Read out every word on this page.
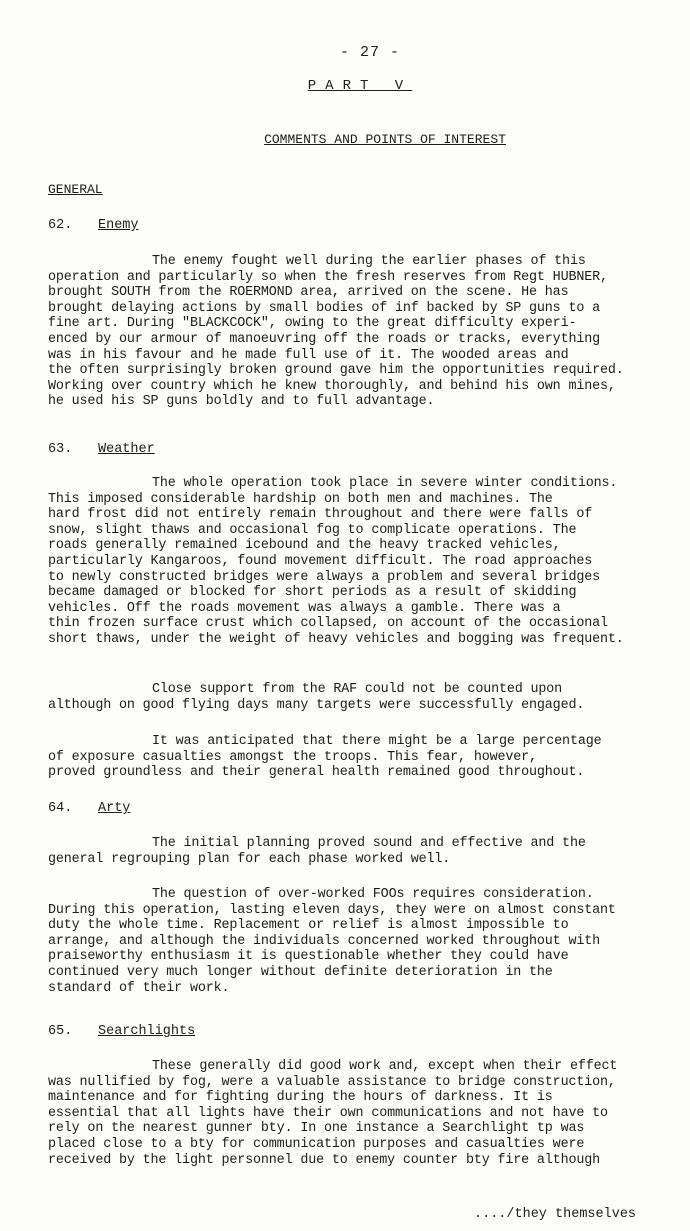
- 27 -
PART V
COMMENTS AND POINTS OF INTEREST
GENERAL
62. Enemy
The enemy fought well during the earlier phases of this
operation and particularly so when the fresh reserves from Regt HUBNER,
brought SOUTH from the ROERMOND area, arrived on the scene. He has
brought delaying actions by small bodies of inf backed by SP guns to a
fine art. During "BLACKCOCK", owing to the great difficulty experi-
enced by our armour of manoeuvring off the roads or tracks, everything
was in his favour and he made full use of it. The wooded areas and
the often surprisingly broken ground gave him the opportunities required.
Working over country which he knew thoroughly, and behind his own mines,
he used his SP guns boldly and to full advantage.
63. Weather
The whole operation took place in severe winter conditions.
This imposed considerable hardship on both men and machines. The
hard frost did not entirely remain throughout and there were falls of
snow, slight thaws and occasional fog to complicate operations. The
roads generally remained icebound and the heavy tracked vehicles,
particularly Kangaroos, found movement difficult. The road approaches
to newly constructed bridges were always a problem and several bridges
became damaged or blocked for short periods as a result of skidding
vehicles. Off the roads movement was always a gamble. There was a
thin frozen surface crust which collapsed, on account of the occasional
short thaws, under the weight of heavy vehicles and bogging was frequent.
Close support from the RAF could not be counted upon
although on good flying days many targets were successfully engaged.
It was anticipated that there might be a large percentage
of exposure casualties amongst the troops. This fear, however,
proved groundless and their general health remained good throughout.
64. Arty
The initial planning proved sound and effective and the
general regrouping plan for each phase worked well.
The question of over-worked FOOs requires consideration.
During this operation, lasting eleven days, they were on almost constant
duty the whole time. Replacement or relief is almost impossible to
arrange, and although the individuals concerned worked throughout with
praiseworthy enthusiasm it is questionable whether they could have
continued very much longer without definite deterioration in the
standard of their work.
65. Searchlights
These generally did good work and, except when their effect
was nullified by fog, were a valuable assistance to bridge construction,
maintenance and for fighting during the hours of darkness. It is
essential that all lights have their own communications and not have to
rely on the nearest gunner bty. In one instance a Searchlight tp was
placed close to a bty for communication purposes and casualties were
received by the light personnel due to enemy counter bty fire although
..../they themselves
